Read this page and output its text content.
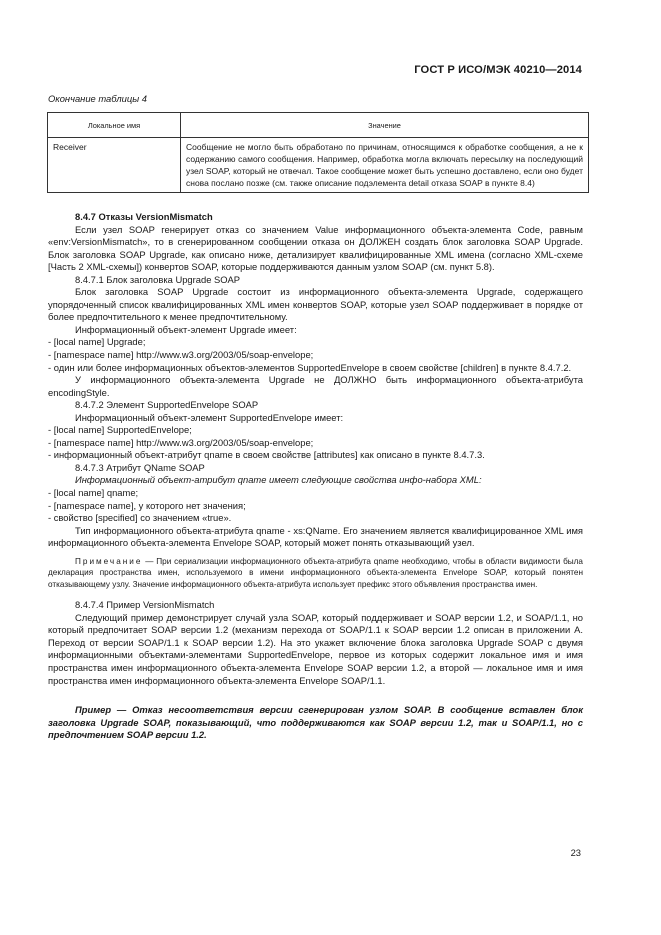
ГОСТ Р ИСО/МЭК 40210—2014
Окончание таблицы 4
Локальное имя	Значение
Receiver	Сообщение не могло быть обработано по причинам, относящимся к обработке сообщения, а не к содержанию самого сообщения. Например, обработка могла включать пересылку на последующий узел SOAP, который не отвечал. Такое сообщение может быть успешно доставлено, если оно будет снова послано позже (см. также описание подэлемента detail отказа SOAP в пункте 8.4)

8.4.7 Отказы VersionMismatch

Если узел SOAP генерирует отказ со значением Value информационного объекта-элемента Code, равным «env:VersionMismatch», то в сгенерированном сообщении отказа он ДОЛЖЕН создать блок заголовка SOAP Upgrade. Блок заголовка SOAP Upgrade, как описано ниже, детализирует квалифицированные XML имена (согласно XML-схеме [Часть 2 XML-схемы]) конвертов SOAP, которые поддерживаются данным узлом SOAP (см. пункт 5.8).

8.4.7.1 Блок заголовка Upgrade SOAP

Блок заголовка SOAP Upgrade состоит из информационного объекта-элемента Upgrade, содержащего упорядоченный список квалифицированных XML имен конвертов SOAP, которые узел SOAP поддерживает в порядке от более предпочтительного к менее предпочтительному.

Информационный объект-элемент Upgrade имеет:

- [local name] Upgrade;

- [namespace name] http://www.w3.org/2003/05/soap-envelope;

- один или более информационных объектов-элементов SupportedEnvelope в своем свойстве [children] в пункте 8.4.7.2.

У информационного объекта-элемента Upgrade не ДОЛЖНО быть информационного объекта-атрибута encodingStyle.

8.4.7.2 Элемент SupportedEnvelope SOAP

Информационный объект-элемент SupportedEnvelope имеет:

- [local name] SupportedEnvelope;

- [namespace name] http://www.w3.org/2003/05/soap-envelope;

- информационный объект-атрибут qname в своем свойстве [attributes] как описано в пункте 8.4.7.3.

8.4.7.3 Атрибут QName SOAP

Информационный объект-атрибут qname имеет следующие свойства инфо-набора XML:

- [local name] qname;

- [namespace name], у которого нет значения;

- свойство [specified] со значением «true».

Тип информационного объекта-атрибута qname - xs:QName. Его значением является квалифицированное XML имя информационного объекта-элемента Envelope SOAP, который может понять отказывающий узел.

Примечание — При сериализации информационного объекта-атрибута qname необходимо, чтобы в области видимости была декларация пространства имен, используемого в имени информационного объекта-элемента Envelope SOAP, который понятен отказывающему узлу. Значение информационного объекта-атрибута использует префикс этого объявления пространства имен.

8.4.7.4 Пример VersionMismatch

Следующий пример демонстрирует случай узла SOAP, который поддерживает и SOAP версии 1.2, и SOAP/1.1, но который предпочитает SOAP версии 1.2 (механизм перехода от SOAP/1.1 к SOAP версии 1.2 описан в приложении А. Переход от версии SOAP/1.1 к SOAP версии 1.2). На это укажет включение блока заголовка Upgrade SOAP с двумя информационными объектами-элементами SupportedEnvelope, первое из которых содержит локальное имя и имя пространства имен информационного объекта-элемента Envelope SOAP версии 1.2, а второй — локальное имя и имя пространства имен информационного объекта-элемента Envelope SOAP/1.1.

Пример — Отказ несоответствия версии сгенерирован узлом SOAP. В сообщение вставлен блок заголовка Upgrade SOAP, показывающий, что поддерживаются как SOAP версии 1.2, так и SOAP/1.1, но с предпочтением SOAP версии 1.2.

23
